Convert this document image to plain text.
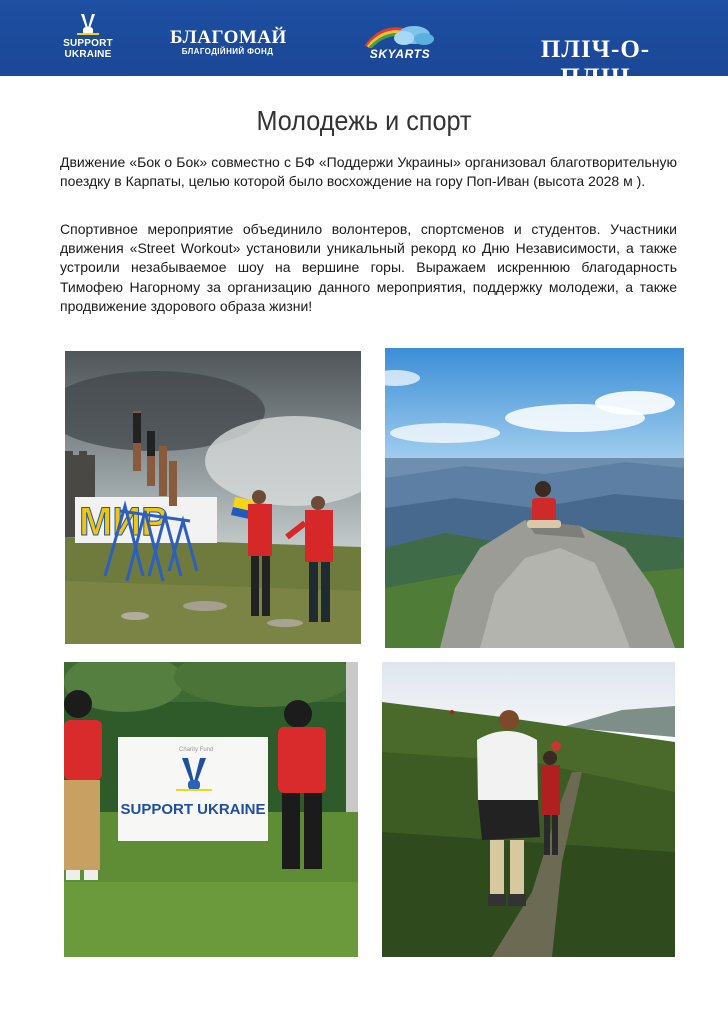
SUPPORT UKRAINE
БЛАГОМАЙ
БЛАГОДІЙНИЙ ФОНД	SKYARTS	ПЛІЧ-О-ПЛІЧ
Молодежь и спорт

Движение «Бок о Бок» совместно с БФ «Поддержи Украины» организовал благотворительную поездку в Карпаты, целью которой было восхождение на гору Поп-Иван (высота 2028 м ).

Спортивное мероприятие объединило волонтеров, спортсменов и студентов. Участники движения «Street Workout» установили уникальный рекорд ко Дню Независимости, а также устроили незабываемое шоу на вершине горы. Выражаем искреннюю благодарность Тимофею Нагорному за организацию данного мероприятия, поддержку молодежи, а также продвижение здорового образа жизни!

МИР
Charity Fund
SUPPORT UKRAINE
